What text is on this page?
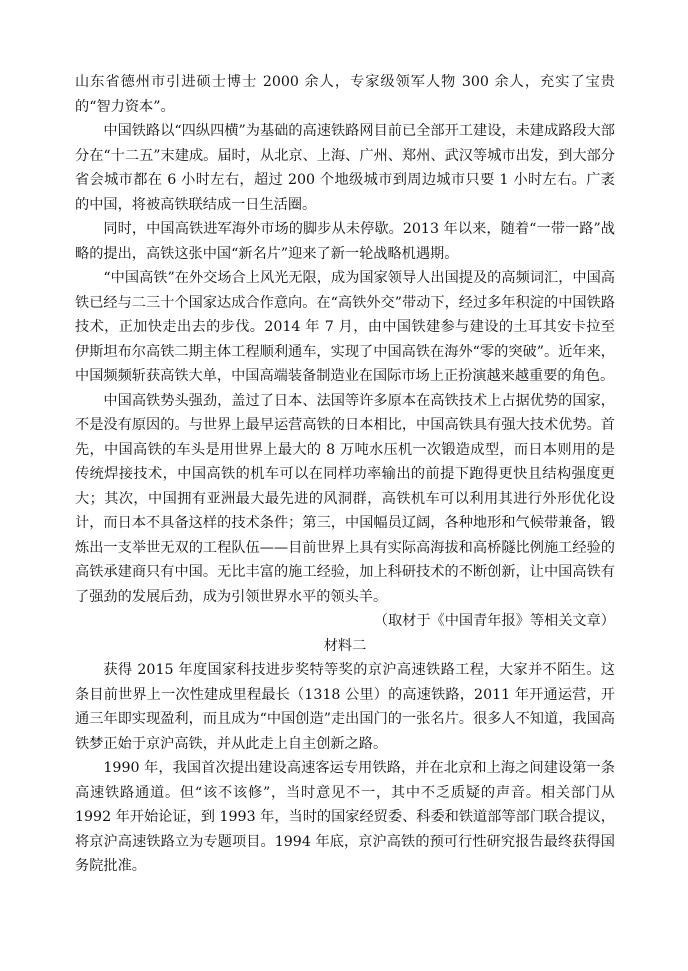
山东省德州市引进硕士博士 2000 余人，专家级领军人物 300 余人，充实了宝贵的“智力资本”。

中国铁路以“四纵四横”为基础的高速铁路网目前已全部开工建设，未建成路段大部分在“十二五”末建成。届时，从北京、上海、广州、郑州、武汉等城市出发，到大部分省会城市都在 6 小时左右，超过 200 个地级城市到周边城市只要 1 小时左右。广袤的中国，将被高铁联结成一日生活圈。

同时，中国高铁进军海外市场的脚步从未停歇。2013 年以来，随着“一带一路”战略的提出，高铁这张中国“新名片”迎来了新一轮战略机遇期。

“中国高铁”在外交场合上风光无限，成为国家领导人出国提及的高频词汇，中国高铁已经与二三十个国家达成合作意向。在“高铁外交”带动下，经过多年积淀的中国铁路技术，正加快走出去的步伐。2014 年 7 月，由中国铁建参与建设的土耳其安卡拉至伊斯坦布尔高铁二期主体工程顺利通车，实现了中国高铁在海外“零的突破”。近年来，中国频频斩获高铁大单，中国高端装备制造业在国际市场上正扮演越来越重要的角色。

中国高铁势头强劲，盖过了日本、法国等许多原本在高铁技术上占据优势的国家，不是没有原因的。与世界上最早运营高铁的日本相比，中国高铁具有强大技术优势。首先，中国高铁的车头是用世界上最大的 8 万吨水压机一次锻造成型，而日本则用的是传统焊接技术，中国高铁的机车可以在同样功率输出的前提下跑得更快且结构强度更大；其次，中国拥有亚洲最大最先进的风洞群，高铁机车可以利用其进行外形优化设计，而日本不具备这样的技术条件；第三，中国幅员辽阔，各种地形和气候带兼备，锻炼出一支举世无双的工程队伍——目前世界上具有实际高海拔和高桥隧比例施工经验的高铁承建商只有中国。无比丰富的施工经验，加上科研技术的不断创新，让中国高铁有了强劲的发展后劲，成为引领世界水平的领头羊。

（取材于《中国青年报》等相关文章）

材料二

获得 2015 年度国家科技进步奖特等奖的京沪高速铁路工程，大家并不陌生。这条目前世界上一次性建成里程最长（1318 公里）的高速铁路，2011 年开通运营，开通三年即实现盈利，而且成为“中国创造”走出国门的一张名片。很多人不知道，我国高铁梦正始于京沪高铁，并从此走上自主创新之路。

1990 年，我国首次提出建设高速客运专用铁路，并在北京和上海之间建设第一条高速铁路通道。但“该不该修”，当时意见不一，其中不乏质疑的声音。相关部门从 1992 年开始论证，到 1993 年，当时的国家经贸委、科委和铁道部等部门联合提议，将京沪高速铁路立为专题项目。1994 年底，京沪高铁的预可行性研究报告最终获得国务院批准。
